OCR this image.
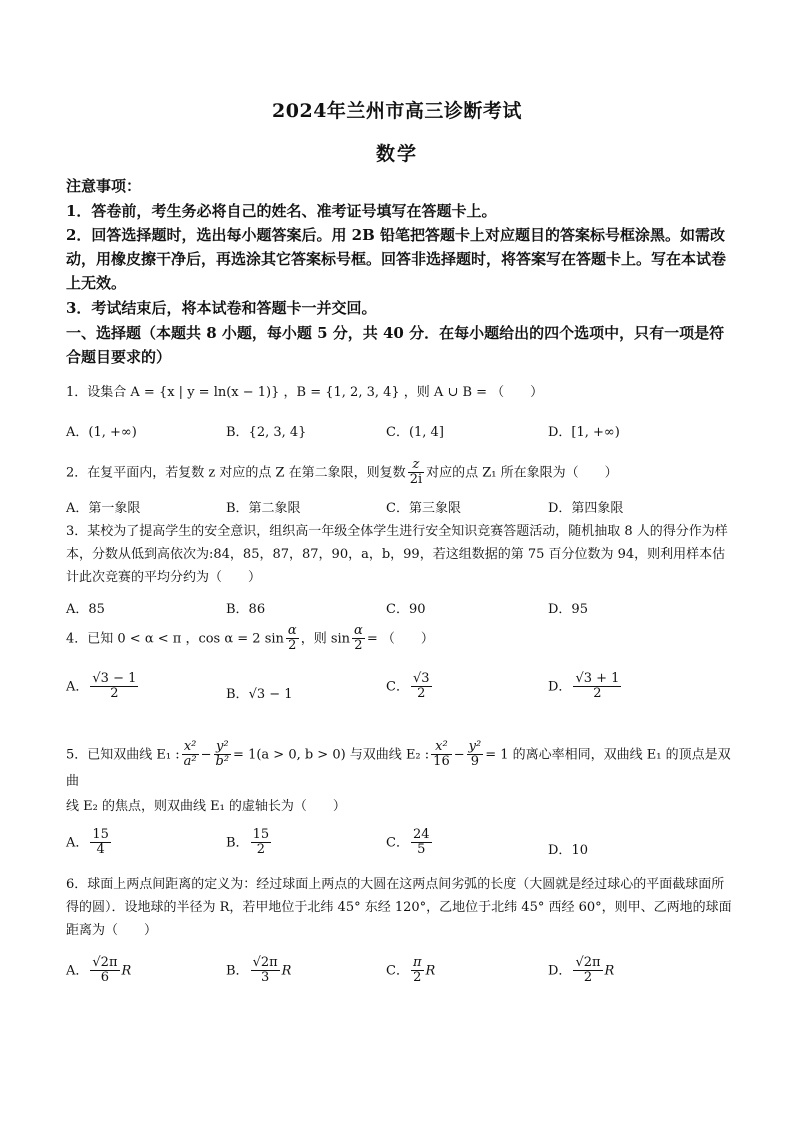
2024年兰州市高三诊断考试
数学
注意事项：
1．答卷前，考生务必将自己的姓名、准考证号填写在答题卡上。
2．回答选择题时，选出每小题答案后。用 2B 铅笔把答题卡上对应题目的答案标号框涂黑。如需改动，用橡皮擦干净后，再选涂其它答案标号框。回答非选择题时，将答案写在答题卡上。写在本试卷上无效。
3．考试结束后，将本试卷和答题卡一并交回。
一、选择题（本题共 8 小题，每小题 5 分，共 40 分．在每小题给出的四个选项中，只有一项是符合题目要求的）
1．设集合 A = {x | y = ln(x − 1)} ，B = {1, 2, 3, 4} ，则 A ∪ B = （　　）
A．(1, +∞)	B．{2, 3, 4}	C．(1, 4]	D．[1, +∞)
2．在复平面内，若复数 z 对应的点 Z 在第二象限，则复数 $\frac{z}{2i}$ 对应的点 Z₁ 所在象限为（　　）
A．第一象限	B．第二象限	C．第三象限	D．第四象限
3．某校为了提高学生的安全意识，组织高一年级全体学生进行安全知识竞赛答题活动，随机抽取 8 人的得分作为样本，分数从低到高依次为:84，85，87，87，90，a，b，99，若这组数据的第 75 百分位数为 94，则利用样本估计此次竞赛的平均分约为（　　）
A．85	B．86	C．90	D．95
4．已知 0 < α < π ，cos α = 2 $\sin \frac{\alpha}{2}$ ，则 $\sin \frac{\alpha}{2}$ = （　　）
A． $\frac{√3 - 1}{2}$	B．√3 − 1
C． $\frac{√3}{2}$	D． $\frac{√3 + 1}{2}$
5．已知双曲线 E₁ : $\frac{\text{x²}}{\text{a²}} - \frac{\text{y²}}{\text{b²}} = 1(a > 0$, b > 0) 与双曲线 E₂ : $\frac{\text{x²}}{16} - \frac{\text{y²}}{9} = 1$ 的离心率相同，双曲线 E₁ 的顶点是双曲
线 E₂ 的焦点，则双曲线 E₁ 的虚轴长为（　　）
A． $\frac{15}{4}$	B． $\frac{15}{2}$	C． $\frac{24}{5}$	D．10
6．球面上两点间距离的定义为：经过球面上两点的大圆在这两点间劣弧的长度（大圆就是经过球心的平面截球面所得的圆）．设地球的半径为 R，若甲地位于北纬 45° 东经 120°，乙地位于北纬 45° 西经 60°，则甲、乙两地的球面距离为（　　）
A． $\frac{√2\pi}{6}$ R	B． $\frac{√2\pi}{3}$ R	C． $\frac{\pi}{2}$ R	D． $\frac{√2\pi}{2}$ R
